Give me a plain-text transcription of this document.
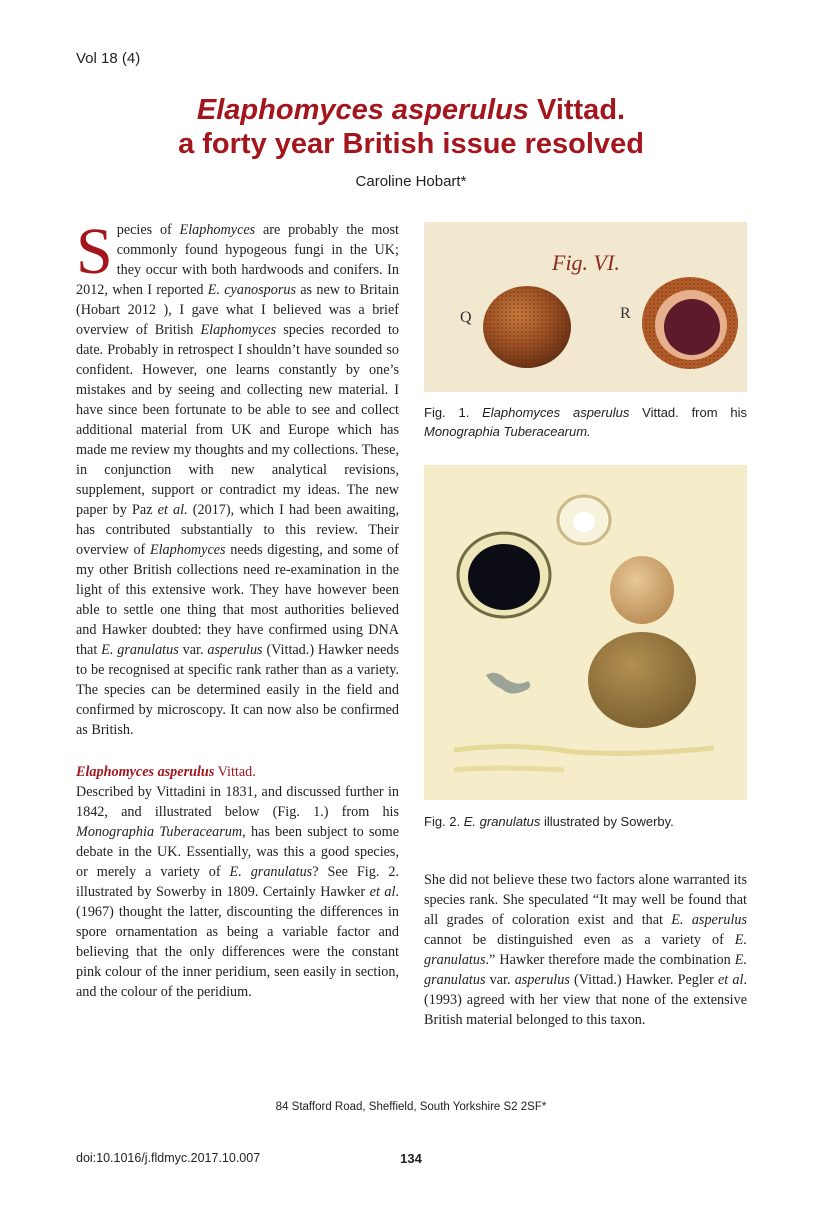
Vol 18 (4)
Elaphomyces asperulus Vittad.
a forty year British issue resolved
Caroline Hobart*

Species of Elaphomyces are probably the most commonly found hypogeous fungi in the UK; they occur with both hardwoods and conifers. In 2012, when I reported E. cyanosporus as new to Britain (Hobart 2012 ), I gave what I believed was a brief overview of British Elaphomyces species recorded to date. Probably in retrospect I shouldn’t have sounded so confident. However, one learns constantly by one’s mistakes and by seeing and collecting new material. I have since been fortunate to be able to see and collect additional material from UK and Europe which has made me review my thoughts and my collections. These, in conjunction with new analytical revisions, supplement, support or contradict my ideas. The new paper by Paz et al. (2017), which I had been awaiting, has contributed substantially to this review. Their overview of Elaphomyces needs digesting, and some of my other British collections need re-examination in the light of this extensive work. They have however been able to settle one thing that most authorities believed and Hawker doubted: they have confirmed using DNA that E. granulatus var. asperulus (Vittad.) Hawker needs to be recognised at specific rank rather than as a variety. The species can be determined easily in the field and confirmed by microscopy. It can now also be confirmed as British.

Elaphomyces asperulus Vittad.

Described by Vittadini in 1831, and discussed further in 1842, and illustrated below (Fig. 1.) from his Monographia Tuberacearum, has been subject to some debate in the UK. Essentially, was this a good species, or merely a variety of E. granulatus? See Fig. 2. illustrated by Sowerby in 1809. Certainly Hawker et al. (1967) thought the latter, discounting the differences in spore ornamentation as being a variable factor and believing that the only differences were the constant pink colour of the inner peridium, seen easily in section, and the colour of the peridium.

Fig. VI.
Q	R
Fig. 1. Elaphomyces asperulus Vittad. from his Monographia Tuberacearum.
Fig. 2. E. granulatus illustrated by Sowerby.

She did not believe these two factors alone warranted its species rank. She speculated “It may well be found that all grades of coloration exist and that E. asperulus cannot be distinguished even as a variety of E. granulatus.” Hawker therefore made the combination E. granulatus var. asperulus (Vittad.) Hawker. Pegler et al. (1993) agreed with her view that none of the extensive British material belonged to this taxon.

84 Stafford Road, Sheffield, South Yorkshire S2 2SF*
doi:10.1016/j.fldmyc.2017.10.007	134
